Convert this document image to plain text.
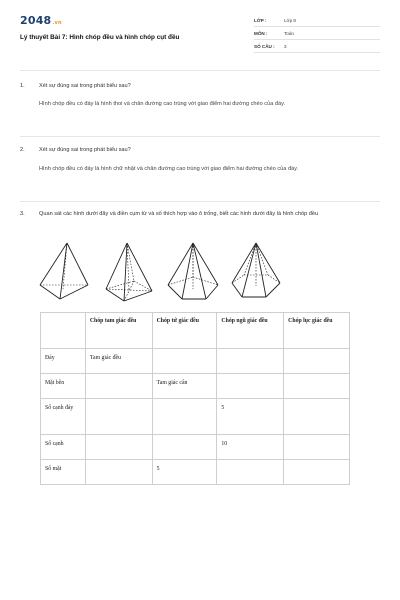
2048.vn
Lý thuyết Bài 7: Hình chóp đều và hình chóp cụt đều
LỚP :	Lớp 8
MÔN :	Toán
SỐ CÂU : 3
1.	Xét sự đúng sai trong phát biểu sau?
Hình chóp đều có đáy là hình thoi và chân đường cao trùng với giao điểm hai đường chéo của đáy.
2.	Xét sự đúng sai trong phát biểu sau?
Hình chóp đều có đáy là hình chữ nhật và chân đường cao trùng với giao điểm hai đường chéo của đáy.
3.	Quan sát các hình dưới đây và điền cụm từ và số thích hợp vào ô trống, biết các hình dưới đây là hình chóp đều
	Chóp tam giác đều	Chóp tứ giác đều	Chóp ngũ giác đều	Chóp lục giác đều
Đáy	Tam giác đều			
Mặt bên		Tam giác cân		
Số cạnh đáy			5	
Số cạnh			10	
Số mặt		5		
